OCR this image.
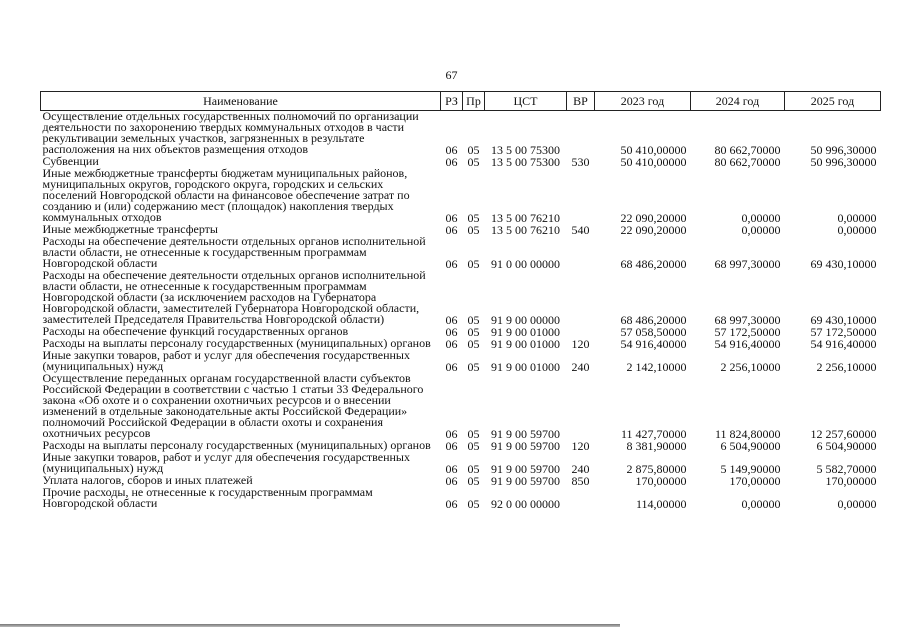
67
Наименование	РЗ	Пр	ЦСТ	ВР	2023 год	2024 год	2025 год
Осуществление отдельных государственных полномочий по организации деятельности по захоронению твердых коммунальных отходов в части рекультивации земельных участков, загрязненных в результате расположения на них объектов размещения отходов	06	05	13 5 00 75300		50 410,00000	80 662,70000	50 996,30000
Субвенции	06	05	13 5 00 75300	530	50 410,00000	80 662,70000	50 996,30000
Иные межбюджетные трансферты бюджетам муниципальных районов, муниципальных округов, городского округа, городских и сельских поселений Новгородской области на финансовое обеспечение затрат по созданию и (или) содержанию мест (площадок) накопления твердых коммунальных отходов	06	05	13 5 00 76210		22 090,20000	0,00000	0,00000
Иные межбюджетные трансферты	06	05	13 5 00 76210	540	22 090,20000	0,00000	0,00000
Расходы на обеспечение деятельности отдельных органов исполнительной власти области, не отнесенные к государственным программам Новгородской области	06	05	91 0 00 00000		68 486,20000	68 997,30000	69 430,10000
Расходы на обеспечение деятельности отдельных органов исполнительной власти области, не отнесенные к государственным программам Новгородской области (за исключением расходов на Губернатора Новгородской области, заместителей Губернатора Новгородской области, заместителей Председателя Правительства Новгородской области)	06	05	91 9 00 00000		68 486,20000	68 997,30000	69 430,10000
Расходы на обеспечение функций государственных органов	06	05	91 9 00 01000		57 058,50000	57 172,50000	57 172,50000
Расходы на выплаты персоналу государственных (муниципальных) органов	06	05	91 9 00 01000	120	54 916,40000	54 916,40000	54 916,40000
Иные закупки товаров, работ и услуг для обеспечения государственных (муниципальных) нужд	06	05	91 9 00 01000	240	2 142,10000	2 256,10000	2 256,10000
Осуществление переданных органам государственной власти субъектов Российской Федерации в соответствии с частью 1 статьи 33 Федерального закона «Об охоте и о сохранении охотничьих ресурсов и о внесении изменений в отдельные законодательные акты Российской Федерации» полномочий Российской Федерации в области охоты и сохранения охотничьих ресурсов	06	05	91 9 00 59700		11 427,70000	11 824,80000	12 257,60000
Расходы на выплаты персоналу государственных (муниципальных) органов	06	05	91 9 00 59700	120	8 381,90000	6 504,90000	6 504,90000
Иные закупки товаров, работ и услуг для обеспечения государственных (муниципальных) нужд	06	05	91 9 00 59700	240	2 875,80000	5 149,90000	5 582,70000
Уплата налогов, сборов и иных платежей	06	05	91 9 00 59700	850	170,00000	170,00000	170,00000
Прочие расходы, не отнесенные к государственным программам Новгородской области	06	05	92 0 00 00000		114,00000	0,00000	0,00000
